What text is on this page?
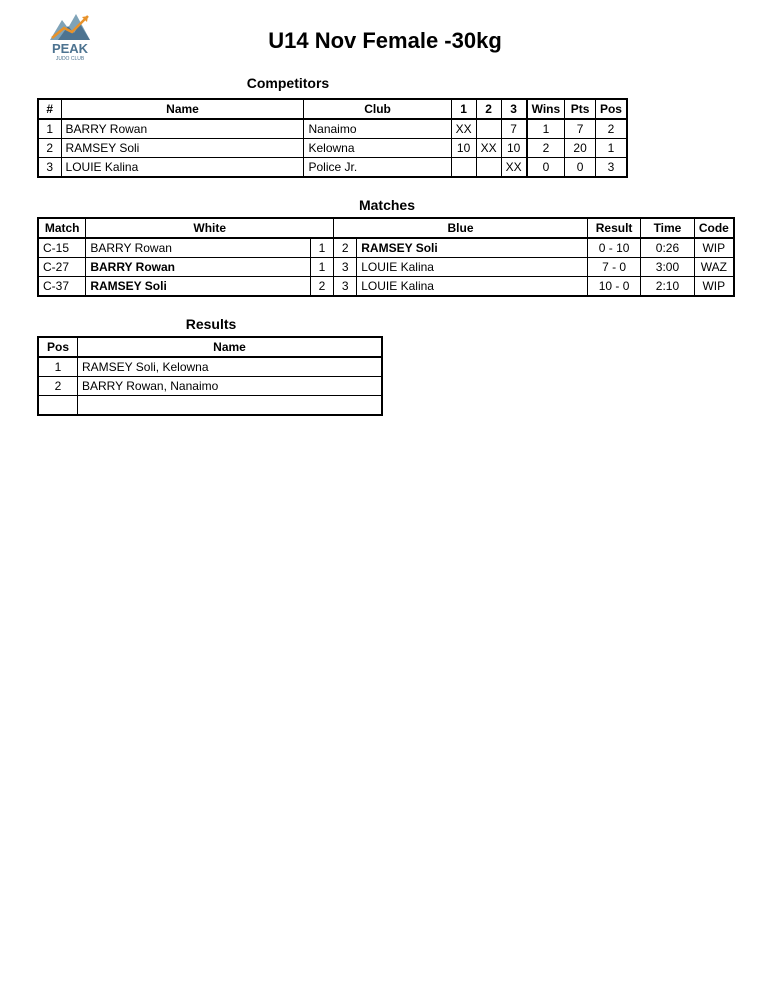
PEAK
JUDO CLUB
U14 Nov Female -30kg
Competitors
#	Name	Club	1	2	3	Wins	Pts	Pos
1	BARRY Rowan	Nanaimo	XX		7	1	7	2
2	RAMSEY Soli	Kelowna	10	XX	10	2	20	1
3	LOUIE Kalina	Police Jr.			XX	0	0	3
Matches
Match	White		Blue		Result	Time	Code
C-15	BARRY Rowan	1	2	RAMSEY Soli	0 - 10	0:26	WIP
C-27	BARRY Rowan	1	3	LOUIE Kalina	7 - 0	3:00	WAZ
C-37	RAMSEY Soli	2	3	LOUIE Kalina	10 - 0	2:10	WIP
Results
Pos	Name
1	RAMSEY Soli, Kelowna
2	BARRY Rowan, Nanaimo
